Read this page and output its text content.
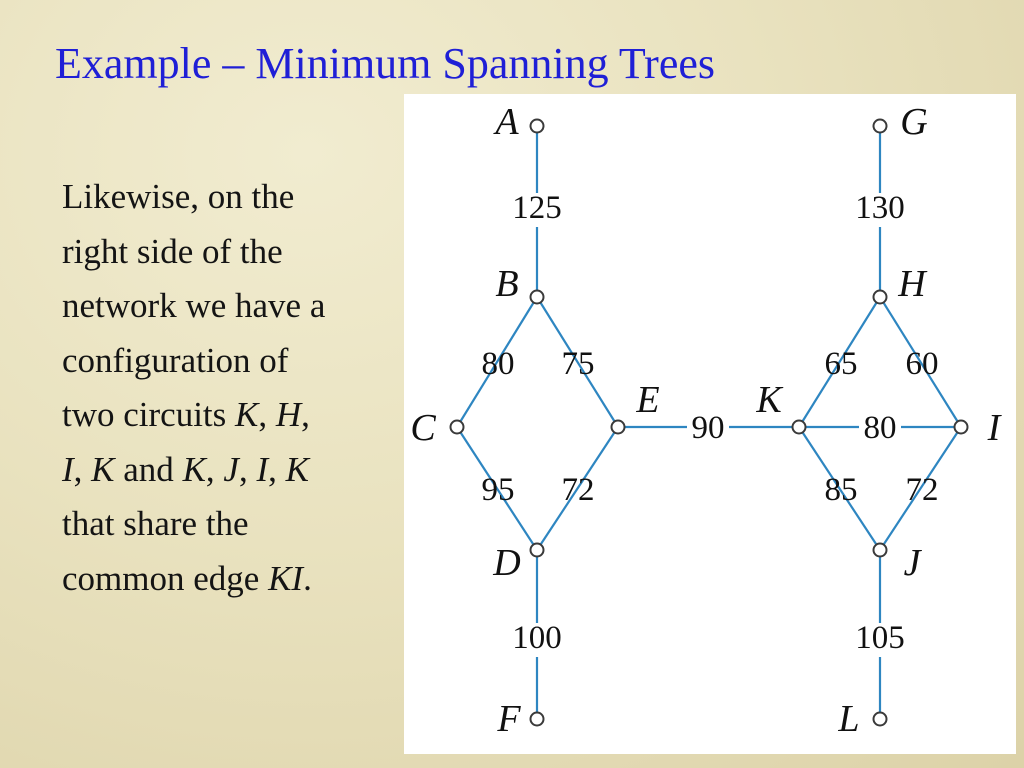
Example – Minimum Spanning Trees
Likewise, on the
right side of the
network we have a
configuration of
two circuits K, H,
I, K and K, J, I, K
that share the
common edge KI.
125
80 75
95 72
100
90
130
65 60
80
85 72
105
A
B
C
D
E
F
G
H
I
J
K
L
